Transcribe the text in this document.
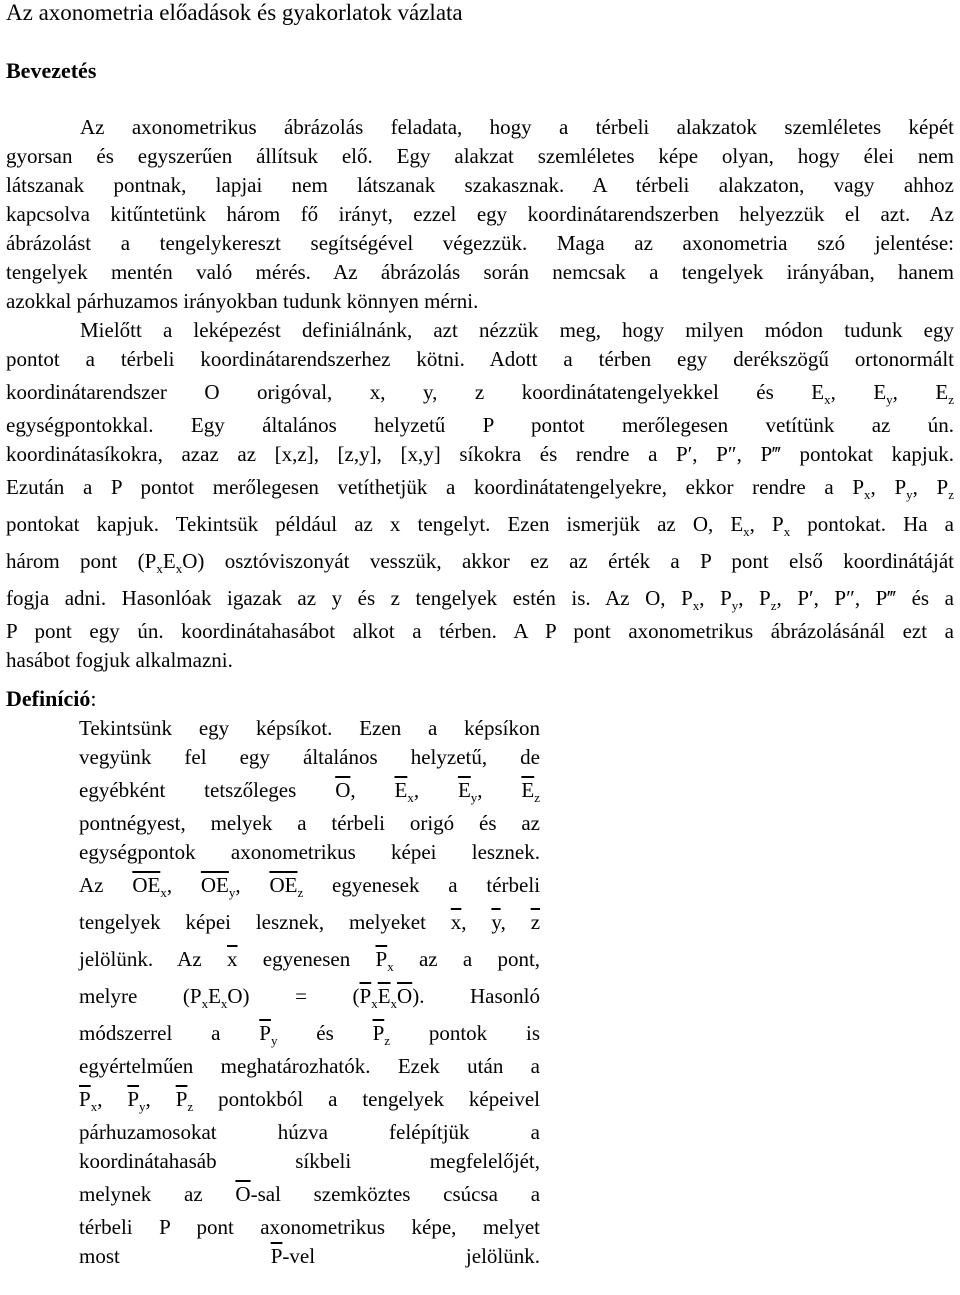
Az axonometria előadások és gyakorlatok vázlata
Bevezetés
Az axonometrikus ábrázolás feladata, hogy a térbeli alakzatok szemléletes képét
gyorsan és egyszerűen állítsuk elő. Egy alakzat szemléletes képe olyan, hogy élei nem
látszanak pontnak, lapjai nem látszanak szakasznak. A térbeli alakzaton, vagy ahhoz
kapcsolva kitűntetünk három fő irányt, ezzel egy koordinátarendszerben helyezzük el azt. Az
ábrázolást a tengelykereszt segítségével végezzük. Maga az axonometria szó jelentése:
tengelyek mentén való mérés. Az ábrázolás során nemcsak a tengelyek irányában, hanem
azokkal párhuzamos irányokban tudunk könnyen mérni.
Mielőtt a leképezést definiálnánk, azt nézzük meg, hogy milyen módon tudunk egy
pontot a térbeli koordinátarendszerhez kötni. Adott a térben egy derékszögű ortonormált
koordinátarendszer O origóval, x, y, z koordinátatengelyekkel és $E_x$, $E_y$, $E_z$
egységpontokkal. Egy általános helyzetű P pontot merőlegesen vetítünk az ún.
koordinátasíkokra, azaz az [x,z], [z,y], [x,y] síkokra és rendre a P′, P″, P‴ pontokat kapjuk.
Ezután a P pontot merőlegesen vetíthetjük a koordinátatengelyekre, ekkor rendre a $P_x$, $P_y$, $P_z$
pontokat kapjuk. Tekintsük például az x tengelyt. Ezen ismerjük az O, $E_x$, $P_x$ pontokat. Ha a
három pont $(P_xE_xO)$ osztóviszonyát vesszük, akkor ez az érték a P pont első koordinátáját
fogja adni. Hasonlóak igazak az y és z tengelyek estén is. Az O, $P_x$, $P_y$, $P_z$, P′, P″, P‴ és a
P pont egy ún. koordinátahasábot alkot a térben. A P pont axonometrikus ábrázolásánál ezt a
hasábot fogjuk alkalmazni.
Definíció:
Tekintsünk egy képsíkot. Ezen a képsíkon
vegyünk fel egy általános helyzetű, de
egyébként tetszőleges $\overline{O}$, $\overline{E}_x$, $\overline{E}_y$, $\overline{E}_z$
pontnégyest, melyek a térbeli origó és az
egységpontok axonometrikus képei lesznek.
Az $\overline{O}\overline{E}_x$, $\overline{O}\overline{E}_y$, $\overline{O}\overline{E}_z$ egyenesek a térbeli
tengelyek képei lesznek, melyeket $\overline{x}$, $\overline{y}$, $\overline{z}$
jelölünk. Az $\overline{x}$ egyenesen $\overline{P}_x$ az a pont,
melyre $(P_xE_xO) = (\overline{P}_x\overline{E}_x\overline{O})$. Hasonló
módszerrel a $\overline{P}_y$ és $\overline{P}_z$ pontok is
egyértelműen meghatározhatók. Ezek után a
$\overline{P}_x$, $\overline{P}_y$, $\overline{P}_z$ pontokból a tengelyek képeivel
párhuzamosokat húzva felépítjük a
koordinátahasáb síkbeli megfelelőjét,
melynek az $\overline{O}$-sal szemköztes csúcsa a
térbeli P pont axonometrikus képe, melyet
most	$\overline{P}$-vel jelölünk.
